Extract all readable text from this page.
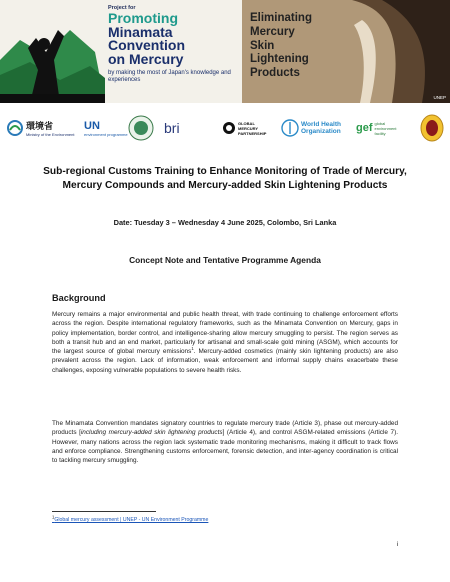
Project for
Promoting
Minamata
Convention
on Mercury
by making the most of Japan's knowledge and experiences
Eliminating
Mercury
Skin
Lightening
Products
UNEP
環境省
Ministry of the Environment
UN
environment programme	bri	GLOBAL MERCURY PARTNERSHIP
World Health Organization	gef global environment facility
Sub-regional Customs Training to Enhance Monitoring of Trade of Mercury, Mercury Compounds and Mercury-added Skin Lightening Products
Date: Tuesday 3 – Wednesday 4 June 2025, Colombo, Sri Lanka
Concept Note and Tentative Programme Agenda
Background
Mercury remains a major environmental and public health threat, with trade continuing to challenge enforcement efforts across the region. Despite international regulatory frameworks, such as the Minamata Convention on Mercury, gaps in policy implementation, border control, and intelligence-sharing allow mercury smuggling to persist. The region serves as both a transit hub and an end market, particularly for artisanal and small-scale gold mining (ASGM), which accounts for the largest source of global mercury emissions$^1$. Mercury-added cosmetics (mainly skin lightening products) are also prevalent across the region. Lack of information, weak enforcement and informal supply chains exacerbate these challenges, exposing vulnerable populations to severe health risks.
The Minamata Convention mandates signatory countries to regulate mercury trade (Article 3), phase out mercury-added products [including mercury-added skin lightening products] (Article 4), and control ASGM-related emissions (Article 7). However, many nations across the region lack systematic trade monitoring mechanisms, making it difficult to track flows and enforce compliance. Strengthening customs enforcement, forensic detection, and inter-agency coordination is critical to tackling mercury smuggling.
$^1$Global mercury assessment | UNEP - UN Environment Programme
i
